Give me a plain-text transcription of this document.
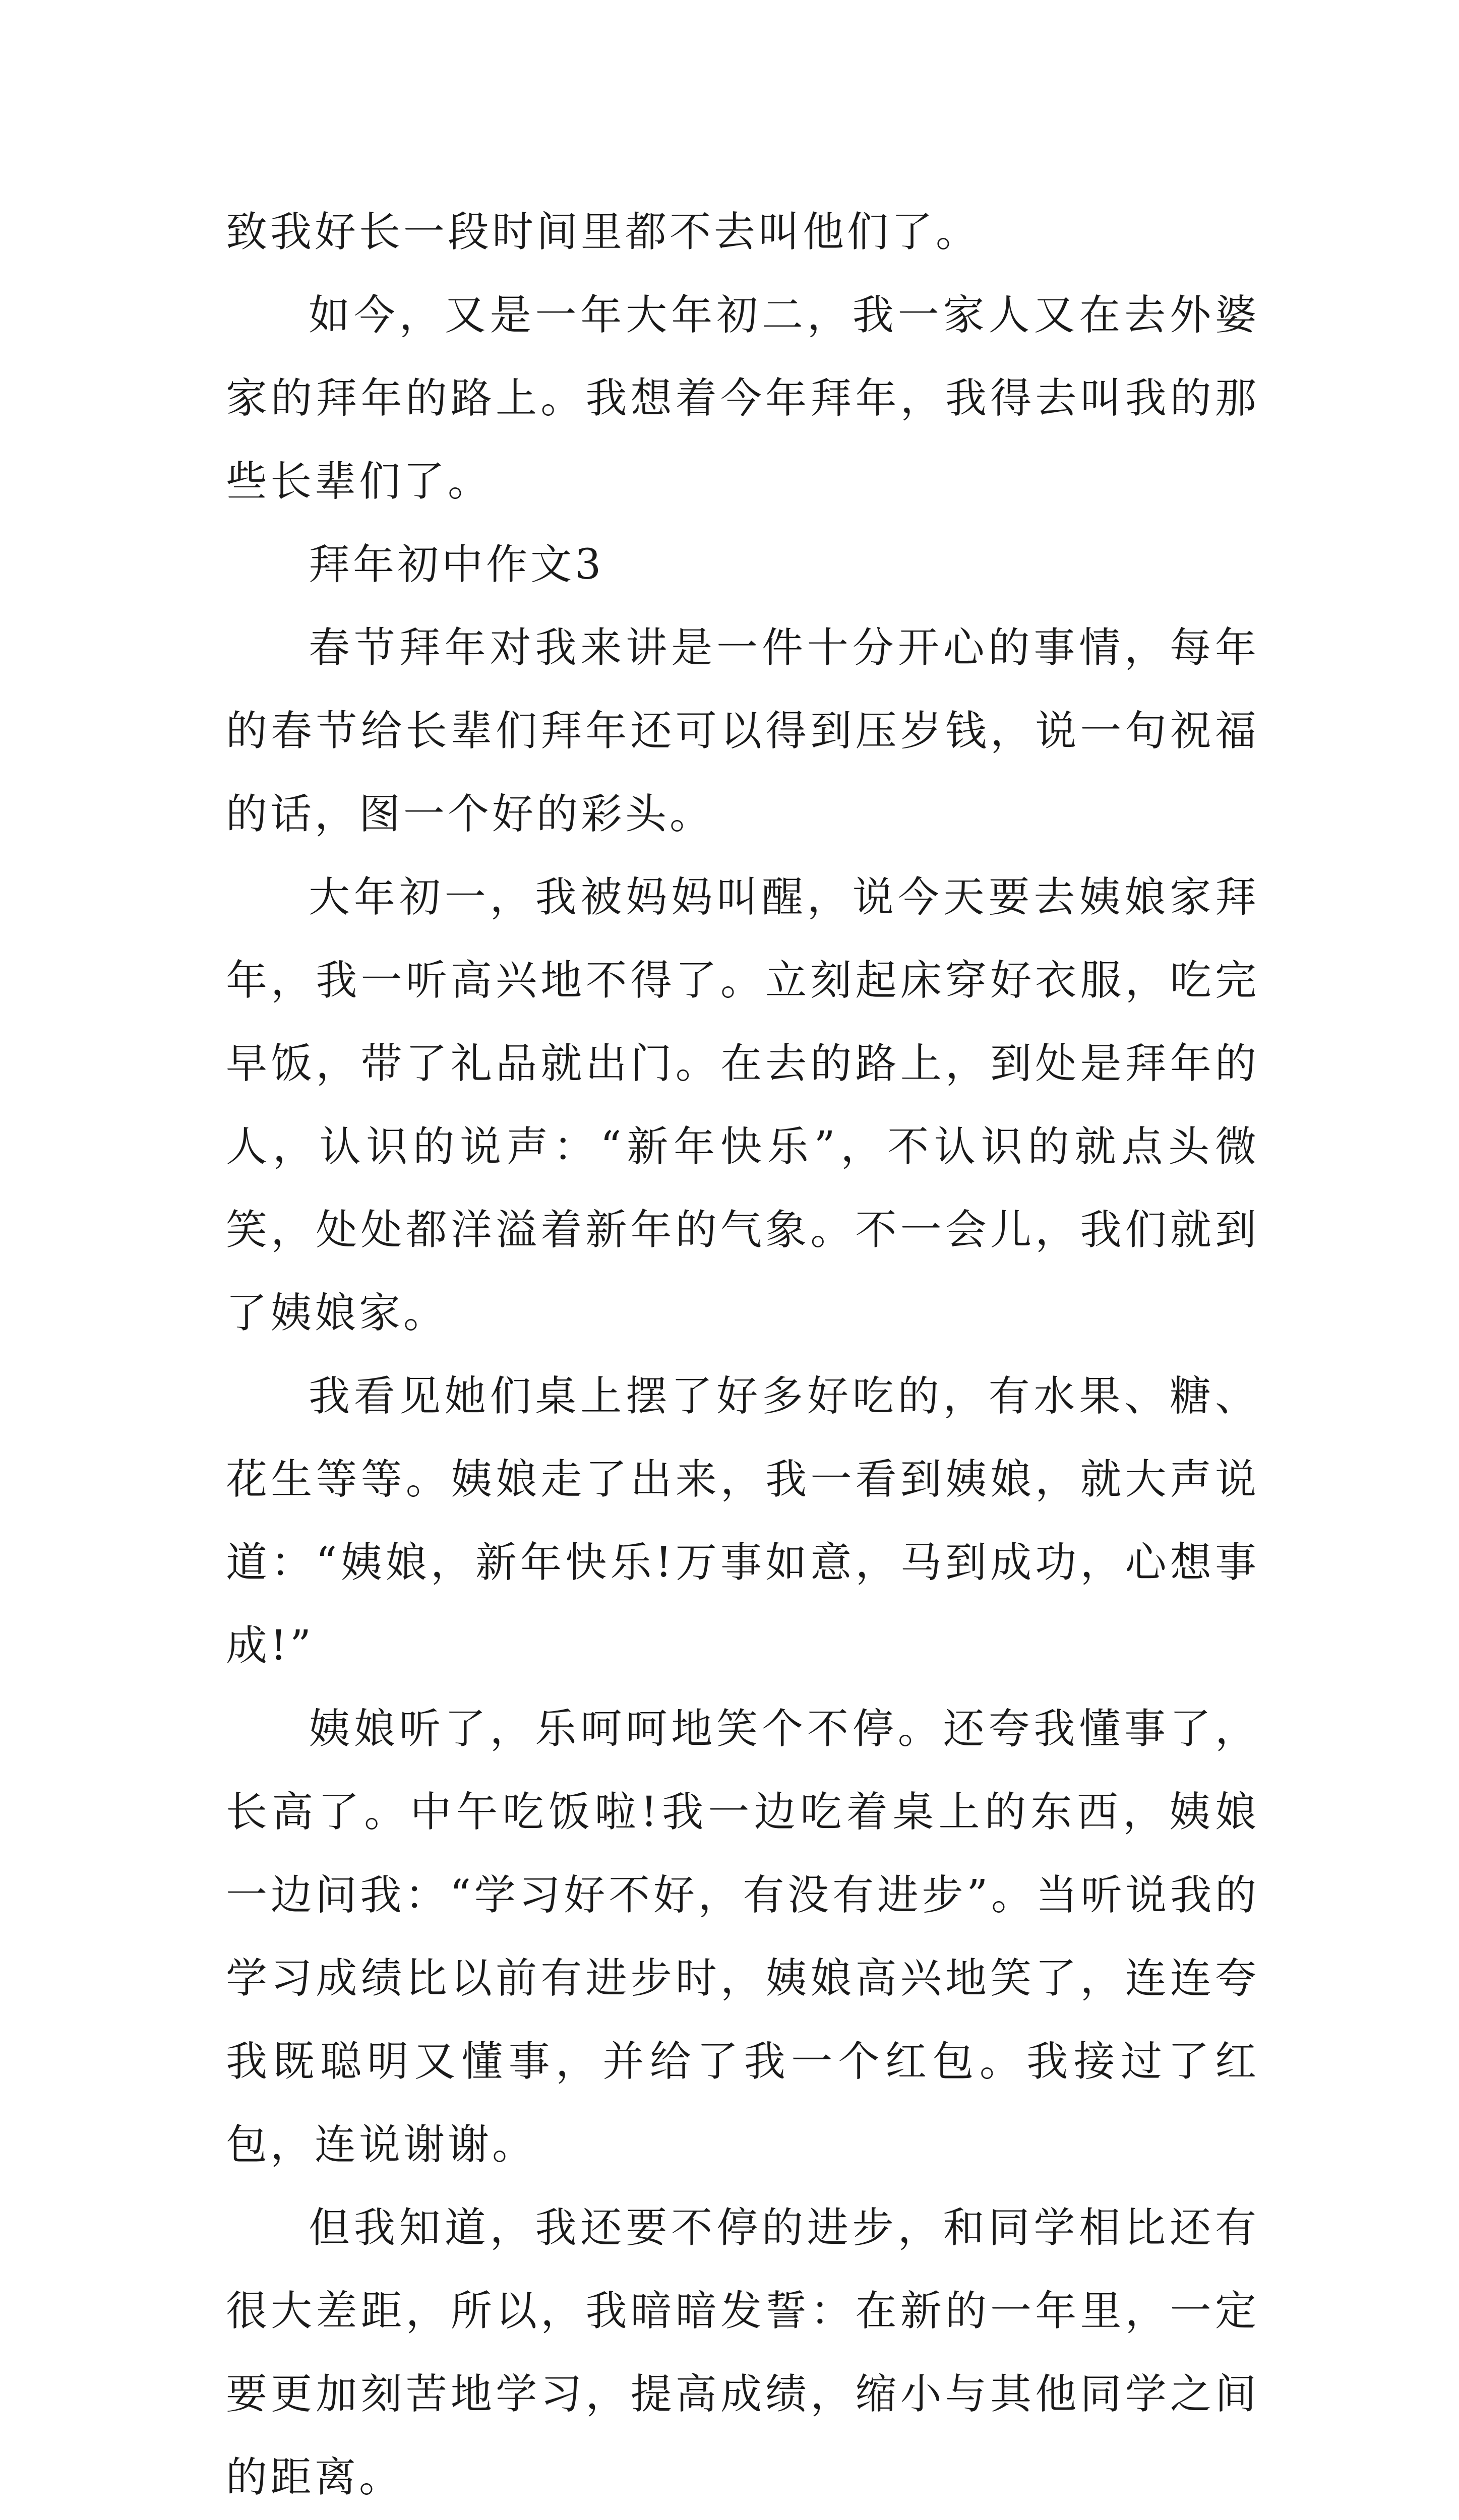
致我好长一段时间里都不去叫他们了。

如今，又是一年大年初二，我一家人又在去外婆家的拜年的路上。我想着今年拜年，我得去叫我的那些长辈们了。

拜年初中作文3

春节拜年对我来讲是一件十分开心的事情，每年的春节给长辈们拜年还可以得到压岁钱，说一句祝福的话，图一个好的彩头。

大年初一，我被妈妈叫醒，说今天要去姨娘家拜年，我一听高兴地不得了。立刻起床穿好衣服，吃完早饭，带了礼品就出门。在去的路上，到处是拜年的人，认识的说声：“新年快乐”，不认识的就点头微笑，处处都洋溢着新年的气象。不一会儿，我们就到了姨娘家。

我看见她们桌上摆了好多好吃的，有水果、糖、花生等等。姨娘走了出来，我一看到姨娘，就大声说道：“姨娘，新年快乐!万事如意，马到成功，心想事成!”

姨娘听了，乐呵呵地笑个不停。还夸我懂事了，长高了。中午吃饭啦!我一边吃着桌上的东西，姨娘一边问我：“学习好不好，有没有进步”。当听说我的学习成绩比以前有进步时，姨娘高兴地笑了，连连夸我既聪明又懂事，并给了我一个红包。我接过了红包，连说谢谢。

但我知道，我还要不停的进步，和同学相比还有很大差距，所以，我暗暗发誓：在新的一年里，一定要更加刻苦地学习，提高成绩，缩小与其他同学之间的距离。
